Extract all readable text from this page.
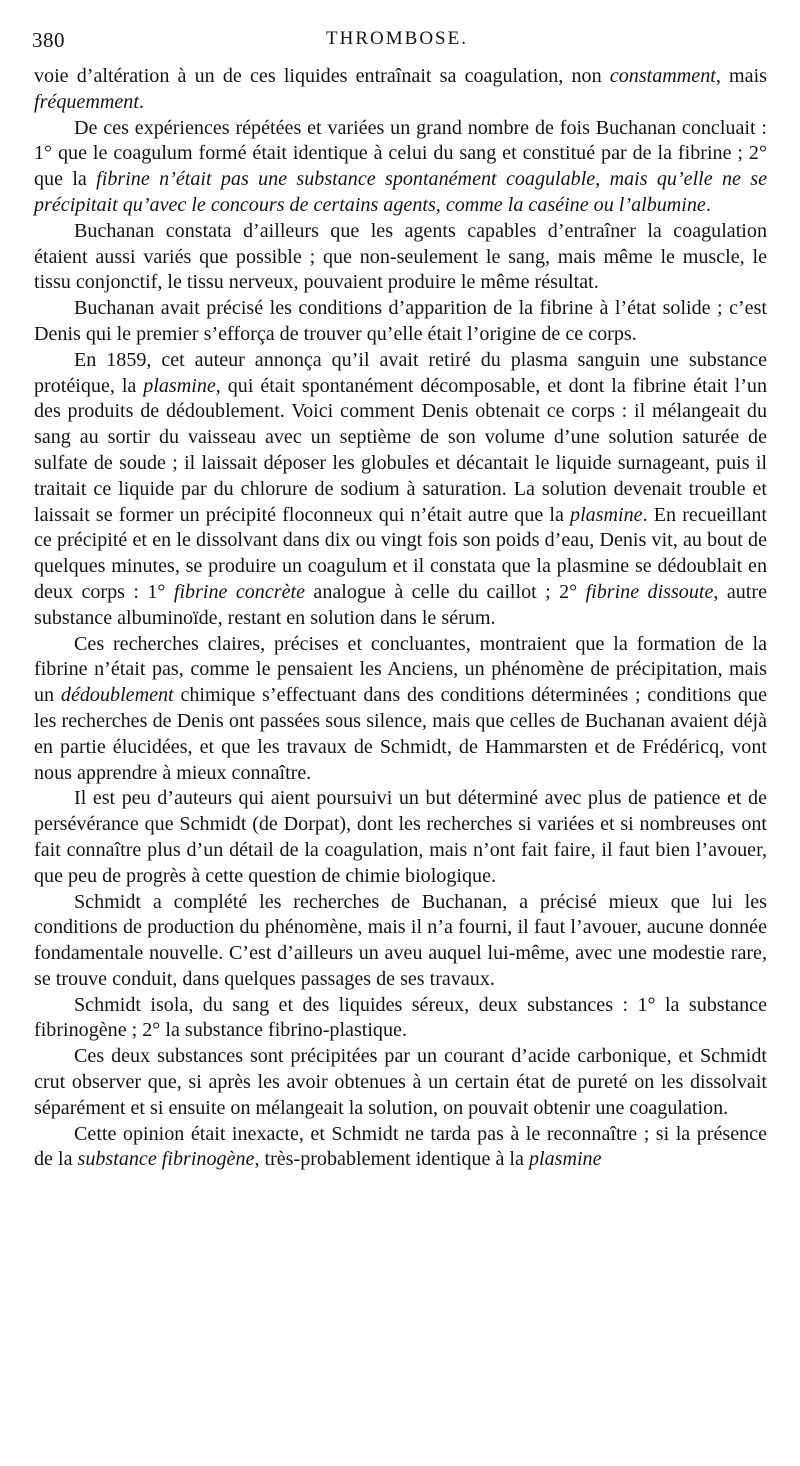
380	THROMBOSE.

voie d’altération à un de ces liquides entraînait sa coagulation, non constamment, mais fréquemment.

De ces expériences répétées et variées un grand nombre de fois Buchanan concluait : 1° que le coagulum formé était identique à celui du sang et constitué par de la fibrine ; 2° que la fibrine n’était pas une substance spontanément coagulable, mais qu’elle ne se précipitait qu’avec le concours de certains agents, comme la caséine ou l’albumine.

Buchanan constata d’ailleurs que les agents capables d’entraîner la coagulation étaient aussi variés que possible ; que non-seulement le sang, mais même le muscle, le tissu conjonctif, le tissu nerveux, pouvaient produire le même résultat.

Buchanan avait précisé les conditions d’apparition de la fibrine à l’état solide ; c’est Denis qui le premier s’efforça de trouver qu’elle était l’origine de ce corps.

En 1859, cet auteur annonça qu’il avait retiré du plasma sanguin une substance protéique, la plasmine, qui était spontanément décomposable, et dont la fibrine était l’un des produits de dédoublement. Voici comment Denis obtenait ce corps : il mélangeait du sang au sortir du vaisseau avec un septième de son volume d’une solution saturée de sulfate de soude ; il laissait déposer les globules et décantait le liquide surnageant, puis il traitait ce liquide par du chlorure de sodium à saturation. La solution devenait trouble et laissait se former un précipité floconneux qui n’était autre que la plasmine. En recueillant ce précipité et en le dissolvant dans dix ou vingt fois son poids d’eau, Denis vit, au bout de quelques minutes, se produire un coagulum et il constata que la plasmine se dédoublait en deux corps : 1° fibrine concrète analogue à celle du caillot ; 2° fibrine dissoute, autre substance albuminoïde, restant en solution dans le sérum.

Ces recherches claires, précises et concluantes, montraient que la formation de la fibrine n’était pas, comme le pensaient les Anciens, un phénomène de précipitation, mais un dédoublement chimique s’effectuant dans des conditions déterminées ; conditions que les recherches de Denis ont passées sous silence, mais que celles de Buchanan avaient déjà en partie élucidées, et que les travaux de Schmidt, de Hammarsten et de Frédéricq, vont nous apprendre à mieux connaître.

Il est peu d’auteurs qui aient poursuivi un but déterminé avec plus de patience et de persévérance que Schmidt (de Dorpat), dont les recherches si variées et si nombreuses ont fait connaître plus d’un détail de la coagulation, mais n’ont fait faire, il faut bien l’avouer, que peu de progrès à cette question de chimie biologique.

Schmidt a complété les recherches de Buchanan, a précisé mieux que lui les conditions de production du phénomène, mais il n’a fourni, il faut l’avouer, aucune donnée fondamentale nouvelle. C’est d’ailleurs un aveu auquel lui-même, avec une modestie rare, se trouve conduit, dans quelques passages de ses travaux.

Schmidt isola, du sang et des liquides séreux, deux substances : 1° la substance fibrinogène ; 2° la substance fibrino-plastique.

Ces deux substances sont précipitées par un courant d’acide carbonique, et Schmidt crut observer que, si après les avoir obtenues à un certain état de pureté on les dissolvait séparément et si ensuite on mélangeait la solution, on pouvait obtenir une coagulation.

Cette opinion était inexacte, et Schmidt ne tarda pas à le reconnaître ; si la présence de la substance fibrinogène, très-probablement identique à la plasmine
